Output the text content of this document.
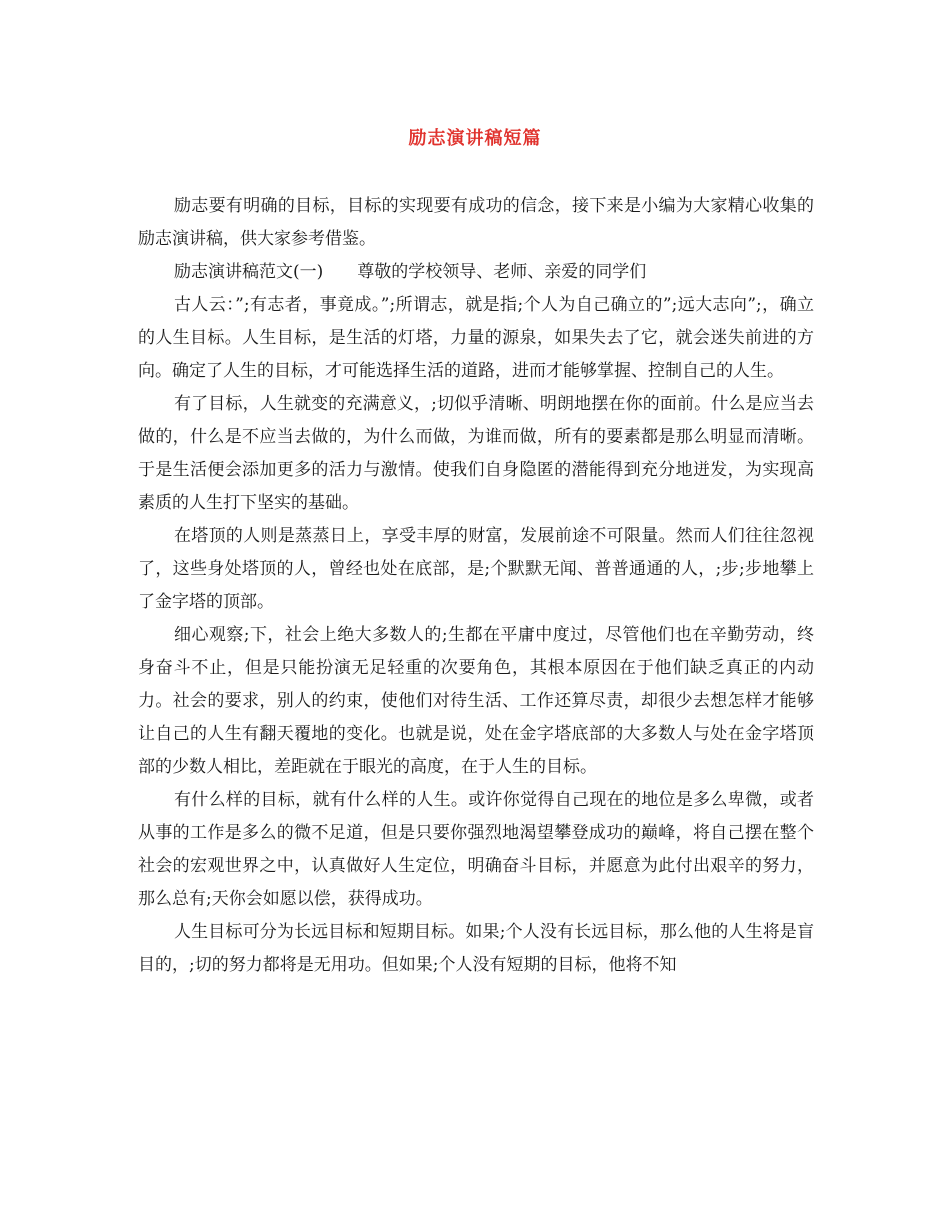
励志演讲稿短篇

励志要有明确的目标，目标的实现要有成功的信念，接下来是小编为大家精心收集的励志演讲稿，供大家参考借鉴。

励志演讲稿范文(一)　　尊敬的学校领导、老师、亲爱的同学们

古人云：”;有志者，事竟成。”;所谓志，就是指;个人为自己确立的”;远大志向”;，确立的人生目标。人生目标，是生活的灯塔，力量的源泉，如果失去了它，就会迷失前进的方向。确定了人生的目标，才可能选择生活的道路，进而才能够掌握、控制自己的人生。

有了目标，人生就变的充满意义，;切似乎清晰、明朗地摆在你的面前。什么是应当去做的，什么是不应当去做的，为什么而做，为谁而做，所有的要素都是那么明显而清晰。于是生活便会添加更多的活力与激情。使我们自身隐匿的潜能得到充分地迸发，为实现高素质的人生打下坚实的基础。

在塔顶的人则是蒸蒸日上，享受丰厚的财富，发展前途不可限量。然而人们往往忽视了，这些身处塔顶的人，曾经也处在底部，是;个默默无闻、普普通通的人，;步;步地攀上了金字塔的顶部。

细心观察;下，社会上绝大多数人的;生都在平庸中度过，尽管他们也在辛勤劳动，终身奋斗不止，但是只能扮演无足轻重的次要角色，其根本原因在于他们缺乏真正的内动力。社会的要求，别人的约束，使他们对待生活、工作还算尽责，却很少去想怎样才能够让自己的人生有翻天覆地的变化。也就是说，处在金字塔底部的大多数人与处在金字塔顶部的少数人相比，差距就在于眼光的高度，在于人生的目标。

有什么样的目标，就有什么样的人生。或许你觉得自己现在的地位是多么卑微，或者从事的工作是多么的微不足道，但是只要你强烈地渴望攀登成功的巅峰，将自己摆在整个社会的宏观世界之中，认真做好人生定位，明确奋斗目标，并愿意为此付出艰辛的努力，那么总有;天你会如愿以偿，获得成功。

人生目标可分为长远目标和短期目标。如果;个人没有长远目标，那么他的人生将是盲目的，;切的努力都将是无用功。但如果;个人没有短期的目标，他将不知
